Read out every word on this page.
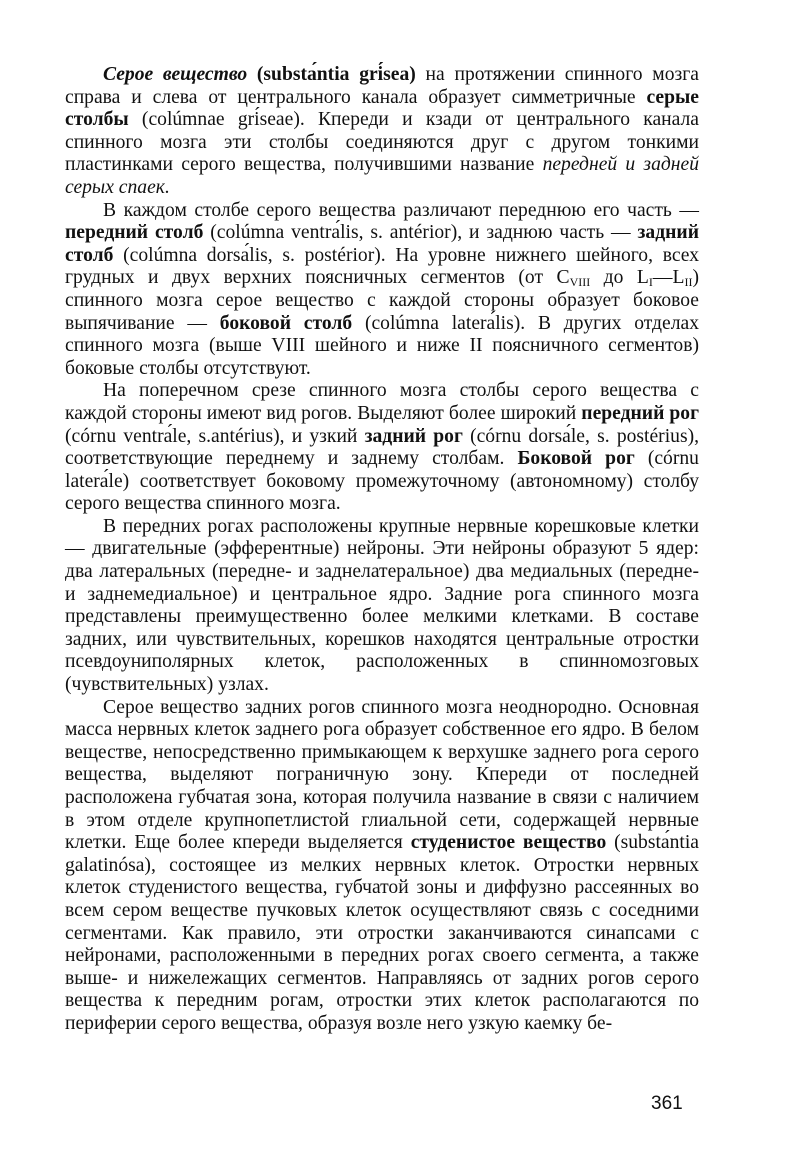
Серое вещество (substа́ntia grі́sea) на протяжении спинного мозга справа и слева от центрального канала образует симметричные серые столбы (colúmnae grі́seae). Кпереди и кзади от центрального канала спинного мозга эти столбы соединяются друг с другом тонкими пластинками серого вещества, получившими название передней и задней серых спаек.

В каждом столбе серого вещества различают переднюю его часть — передний столб (colúmna ventrа́lis, s. antérior), и заднюю часть — задний столб (colúmna dorsа́lis, s. postérior). На уровне нижнего шейного, всех грудных и двух верхних поясничных сегментов (от $C_{VIII}$ до $L_I—L_{II}$) спинного мозга серое вещество с каждой стороны образует боковое выпячивание — боковой столб (colúmna laterа́lis). В других отделах спинного мозга (выше VIII шейного и ниже II поясничного сегментов) боковые столбы отсутствуют.

На поперечном срезе спинного мозга столбы серого вещества с каждой стороны имеют вид рогов. Выделяют более широкий передний рог (córnu ventrа́le, s.antérius), и узкий задний рог (córnu dorsа́le, s. postérius), соответствующие переднему и заднему столбам. Боковой рог (córnu laterа́le) соответствует боковому промежуточному (автономному) столбу серого вещества спинного мозга.

В передних рогах расположены крупные нервные корешковые клетки — двигательные (эфферентные) нейроны. Эти нейроны образуют 5 ядер: два латеральных (передне- и заднелатеральное) два медиальных (передне- и заднемедиальное) и центральное ядро. Задние рога спинного мозга представлены преимущественно более мелкими клетками. В составе задних, или чувствительных, корешков находятся центральные отростки псевдоуниполярных клеток, расположенных в спинномозговых (чувствительных) узлах.

Серое вещество задних рогов спинного мозга неоднородно. Основная масса нервных клеток заднего рога образует собственное его ядро. В белом веществе, непосредственно примыкающем к верхушке заднего рога серого вещества, выделяют пограничную зону. Кпереди от последней расположена губчатая зона, которая получила название в связи с наличием в этом отделе крупнопетлистой глиальной сети, содержащей нервные клетки. Еще более кпереди выделяется студенистое вещество (substа́ntia galatinósa), состоящее из мелких нервных клеток. Отростки нервных клеток студенистого вещества, губчатой зоны и диффузно рассеянных во всем сером веществе пучковых клеток осуществляют связь с соседними сегментами. Как правило, эти отростки заканчиваются синапсами с нейронами, расположенными в передних рогах своего сегмента, а также выше- и нижележащих сегментов. Направляясь от задних рогов серого вещества к передним рогам, отростки этих клеток располагаются по периферии серого вещества, образуя возле него узкую каемку бе-

361
